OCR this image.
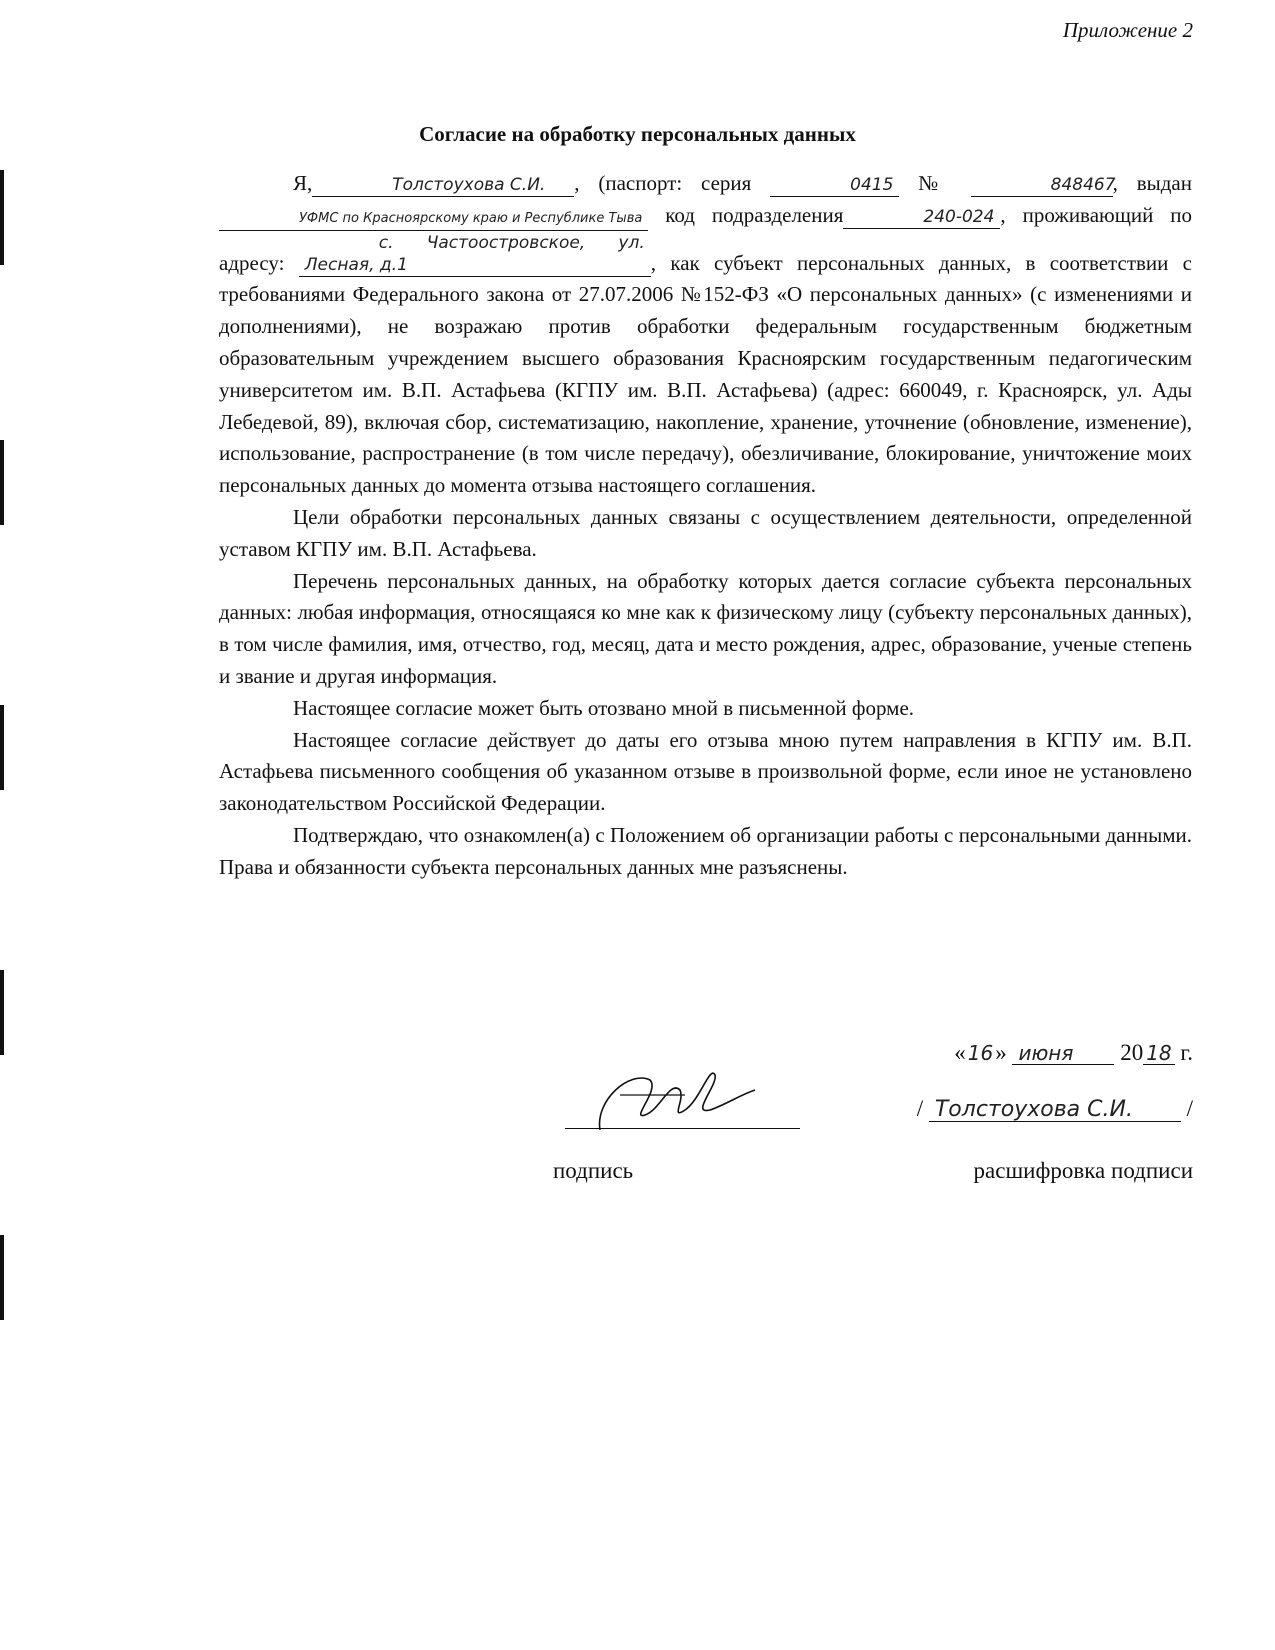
Приложение 2
Согласие на обработку персональных данных

Я,	Толстоухова С.И. , (паспорт: серия	0415 №	848467, выдан УФМС по Красноярскому краю и Республике Тыва код подразделения	240-024 , проживающий по адресу: с. Частоостровское, ул. Лесная, д.1	, как субъект персональных данных, в соответствии с требованиями Федерального закона от 27.07.2006 №152-ФЗ «О персональных данных» (с изменениями и дополнениями), не возражаю против обработки федеральным государственным бюджетным образовательным учреждением высшего образования Красноярским государственным педагогическим университетом им. В.П. Астафьева (КГПУ им. В.П. Астафьева) (адрес: 660049, г. Красноярск, ул. Ады Лебедевой, 89), включая сбор, систематизацию, накопление, хранение, уточнение (обновление, изменение), использование, распространение (в том числе передачу), обезличивание, блокирование, уничтожение моих персональных данных до момента отзыва настоящего соглашения.

Цели обработки персональных данных связаны с осуществлением деятельности, определенной уставом КГПУ им. В.П. Астафьева.

Перечень персональных данных, на обработку которых дается согласие субъекта персональных данных: любая информация, относящаяся ко мне как к физическому лицу (субъекту персональных данных), в том числе фамилия, имя, отчество, год, месяц, дата и место рождения, адрес, образование, ученые степень и звание и другая информация.

Настоящее согласие может быть отозвано мной в письменной форме.

Настоящее согласие действует до даты его отзыва мною путем направления в КГПУ им. В.П. Астафьева письменного сообщения об указанном отзыве в произвольной форме, если иное не установлено законодательством Российской Федерации.

Подтверждаю, что ознакомлен(а) с Положением об организации работы с персональными данными. Права и обязанности субъекта персональных данных мне разъяснены.

« 16» июня 20 18 г.
/ Толстоухова С.И. /
подпись	расшифровка подписи
